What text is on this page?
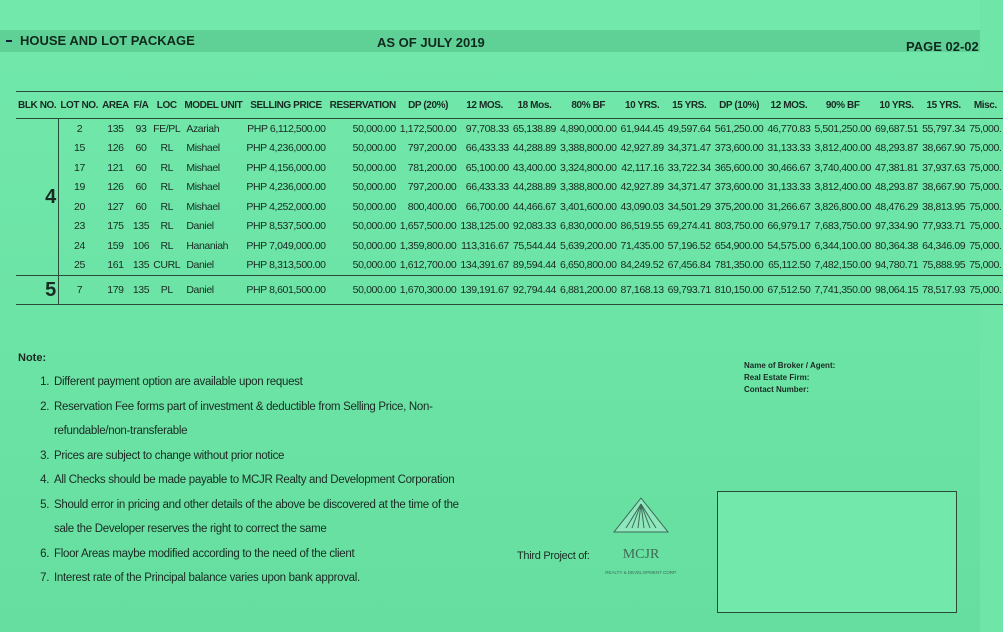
HOUSE AND LOT PACKAGE	AS OF JULY 2019	PAGE 02-02
BLK NO.	LOT NO.	AREA	F/A	LOC	MODEL UNIT	SELLING PRICE	RESERVATION	DP (20%)	12 MOS.	18 Mos.	80% BF	10 YRS.	15 YRS.	DP (10%)	12 MOS.	90% BF	10 YRS.	15 YRS.	Misc.
4	2	135	93	FE/PL	Azariah	PHP 6,112,500.00	50,000.00	1,172,500.00	97,708.33	65,138.89	4,890,000.00	61,944.45	49,597.64	561,250.00	46,770.83	5,501,250.00	69,687.51	55,797.34	75,000.
	15	126	60	RL	Mishael	PHP 4,236,000.00	50,000.00	797,200.00	66,433.33	44,288.89	3,388,800.00	42,927.89	34,371.47	373,600.00	31,133.33	3,812,400.00	48,293.87	38,667.90	75,000.
	17	121	60	RL	Mishael	PHP 4,156,000.00	50,000.00	781,200.00	65,100.00	43,400.00	3,324,800.00	42,117.16	33,722.34	365,600.00	30,466.67	3,740,400.00	47,381.81	37,937.63	75,000.
	19	126	60	RL	Mishael	PHP 4,236,000.00	50,000.00	797,200.00	66,433.33	44,288.89	3,388,800.00	42,927.89	34,371.47	373,600.00	31,133.33	3,812,400.00	48,293.87	38,667.90	75,000.
	20	127	60	RL	Mishael	PHP 4,252,000.00	50,000.00	800,400.00	66,700.00	44,466.67	3,401,600.00	43,090.03	34,501.29	375,200.00	31,266.67	3,826,800.00	48,476.29	38,813.95	75,000.
	23	175	135	RL	Daniel	PHP 8,537,500.00	50,000.00	1,657,500.00	138,125.00	92,083.33	6,830,000.00	86,519.55	69,274.41	803,750.00	66,979.17	7,683,750.00	97,334.90	77,933.71	75,000.
	24	159	106	RL	Hananiah	PHP 7,049,000.00	50,000.00	1,359,800.00	113,316.67	75,544.44	5,639,200.00	71,435.00	57,196.52	654,900.00	54,575.00	6,344,100.00	80,364.38	64,346.09	75,000.
	25	161	135	CURL	Daniel	PHP 8,313,500.00	50,000.00	1,612,700.00	134,391.67	89,594.44	6,650,800.00	84,249.52	67,456.84	781,350.00	65,112.50	7,482,150.00	94,780.71	75,888.95	75,000.
5	7	179	135	PL	Daniel	PHP 8,601,500.00	50,000.00	1,670,300.00	139,191.67	92,794.44	6,881,200.00	87,168.13	69,793.71	810,150.00	67,512.50	7,741,350.00	98,064.15	78,517.93	75,000.
Note:
1. Different payment option are available upon request
2. Reservation Fee forms part of investment & deductible from Selling Price, Non-refundable/non-transferable
3. Prices are subject to change without prior notice
4. All Checks should be made payable to MCJR Realty and Development Corporation
5. Should error in pricing and other details of the above be discovered at the time of the sale the Developer reserves the right to correct the same
6. Floor Areas maybe modified according to the need of the client
7. Interest rate of the Principal balance varies upon bank approval.
Name of Broker / Agent:
Real Estate Firm:
Contact Number:
Third Project of: MCJR
REALTY & DEVELOPMENT CORP.
